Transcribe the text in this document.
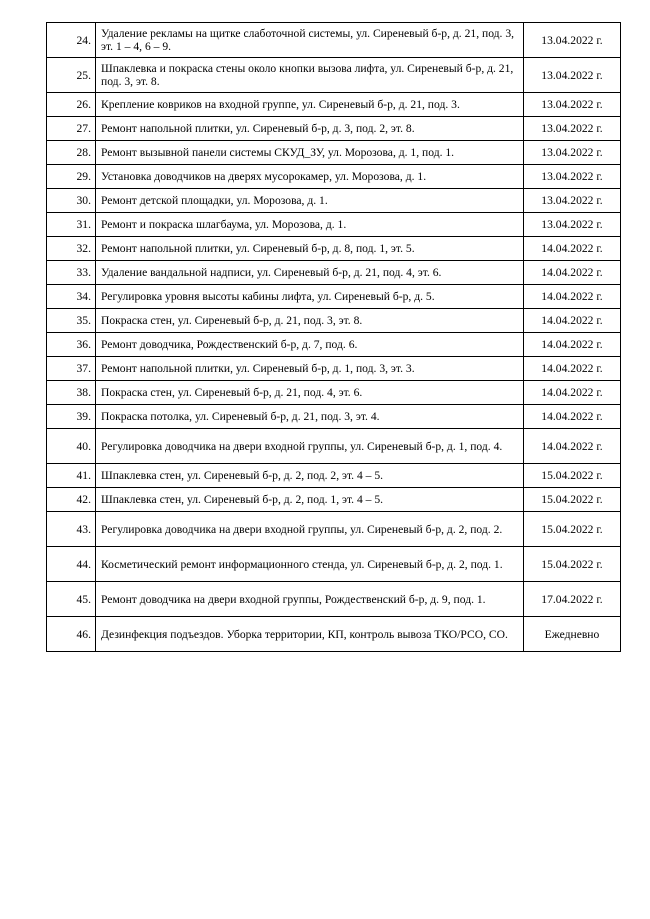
24.	Удаление рекламы на щитке слаботочной системы, ул. Сиреневый б-р, д. 21, под. 3, эт. 1 – 4, 6 – 9.	13.04.2022 г.
25.	Шпаклевка и покраска стены около кнопки вызова лифта, ул. Сиреневый б-р, д. 21, под. 3, эт. 8.	13.04.2022 г.
26.	Крепление ковриков на входной группе, ул. Сиреневый б-р, д. 21, под. 3.	13.04.2022 г.
27.	Ремонт напольной плитки, ул. Сиреневый б-р, д. 3, под. 2, эт. 8.	13.04.2022 г.
28.	Ремонт вызывной панели системы СКУД_ЗУ, ул. Морозова, д. 1, под. 1.	13.04.2022 г.
29.	Установка доводчиков на дверях мусорокамер, ул. Морозова, д. 1.	13.04.2022 г.
30.	Ремонт детской площадки, ул. Морозова, д. 1.	13.04.2022 г.
31.	Ремонт и покраска шлагбаума, ул. Морозова, д. 1.	13.04.2022 г.
32.	Ремонт напольной плитки, ул. Сиреневый б-р, д. 8, под. 1, эт. 5.	14.04.2022 г.
33.	Удаление вандальной надписи, ул. Сиреневый б-р, д. 21, под. 4, эт. 6.	14.04.2022 г.
34.	Регулировка уровня высоты кабины лифта, ул. Сиреневый б-р, д. 5.	14.04.2022 г.
35.	Покраска стен, ул. Сиреневый б-р, д. 21, под. 3, эт. 8.	14.04.2022 г.
36.	Ремонт доводчика, Рождественский б-р, д. 7, под. 6.	14.04.2022 г.
37.	Ремонт напольной плитки, ул. Сиреневый б-р, д. 1, под. 3, эт. 3.	14.04.2022 г.
38.	Покраска стен, ул. Сиреневый б-р, д. 21, под. 4, эт. 6.	14.04.2022 г.
39.	Покраска потолка, ул. Сиреневый б-р, д. 21, под. 3, эт. 4.	14.04.2022 г.
40.	Регулировка доводчика на двери входной группы, ул. Сиреневый б-р, д. 1, под. 4.	14.04.2022 г.
41.	Шпаклевка стен, ул. Сиреневый б-р, д. 2, под. 2, эт. 4 – 5.	15.04.2022 г.
42.	Шпаклевка стен, ул. Сиреневый б-р, д. 2, под. 1, эт. 4 – 5.	15.04.2022 г.
43.	Регулировка доводчика на двери входной группы, ул. Сиреневый б-р, д. 2, под. 2.	15.04.2022 г.
44.	Косметический ремонт информационного стенда, ул. Сиреневый б-р, д. 2, под. 1.	15.04.2022 г.
45.	Ремонт доводчика на двери входной группы, Рождественский б-р, д. 9, под. 1.	17.04.2022 г.
46.	Дезинфекция подъездов. Уборка территории, КП, контроль вывоза ТКО/РСО, СО.	Ежедневно
